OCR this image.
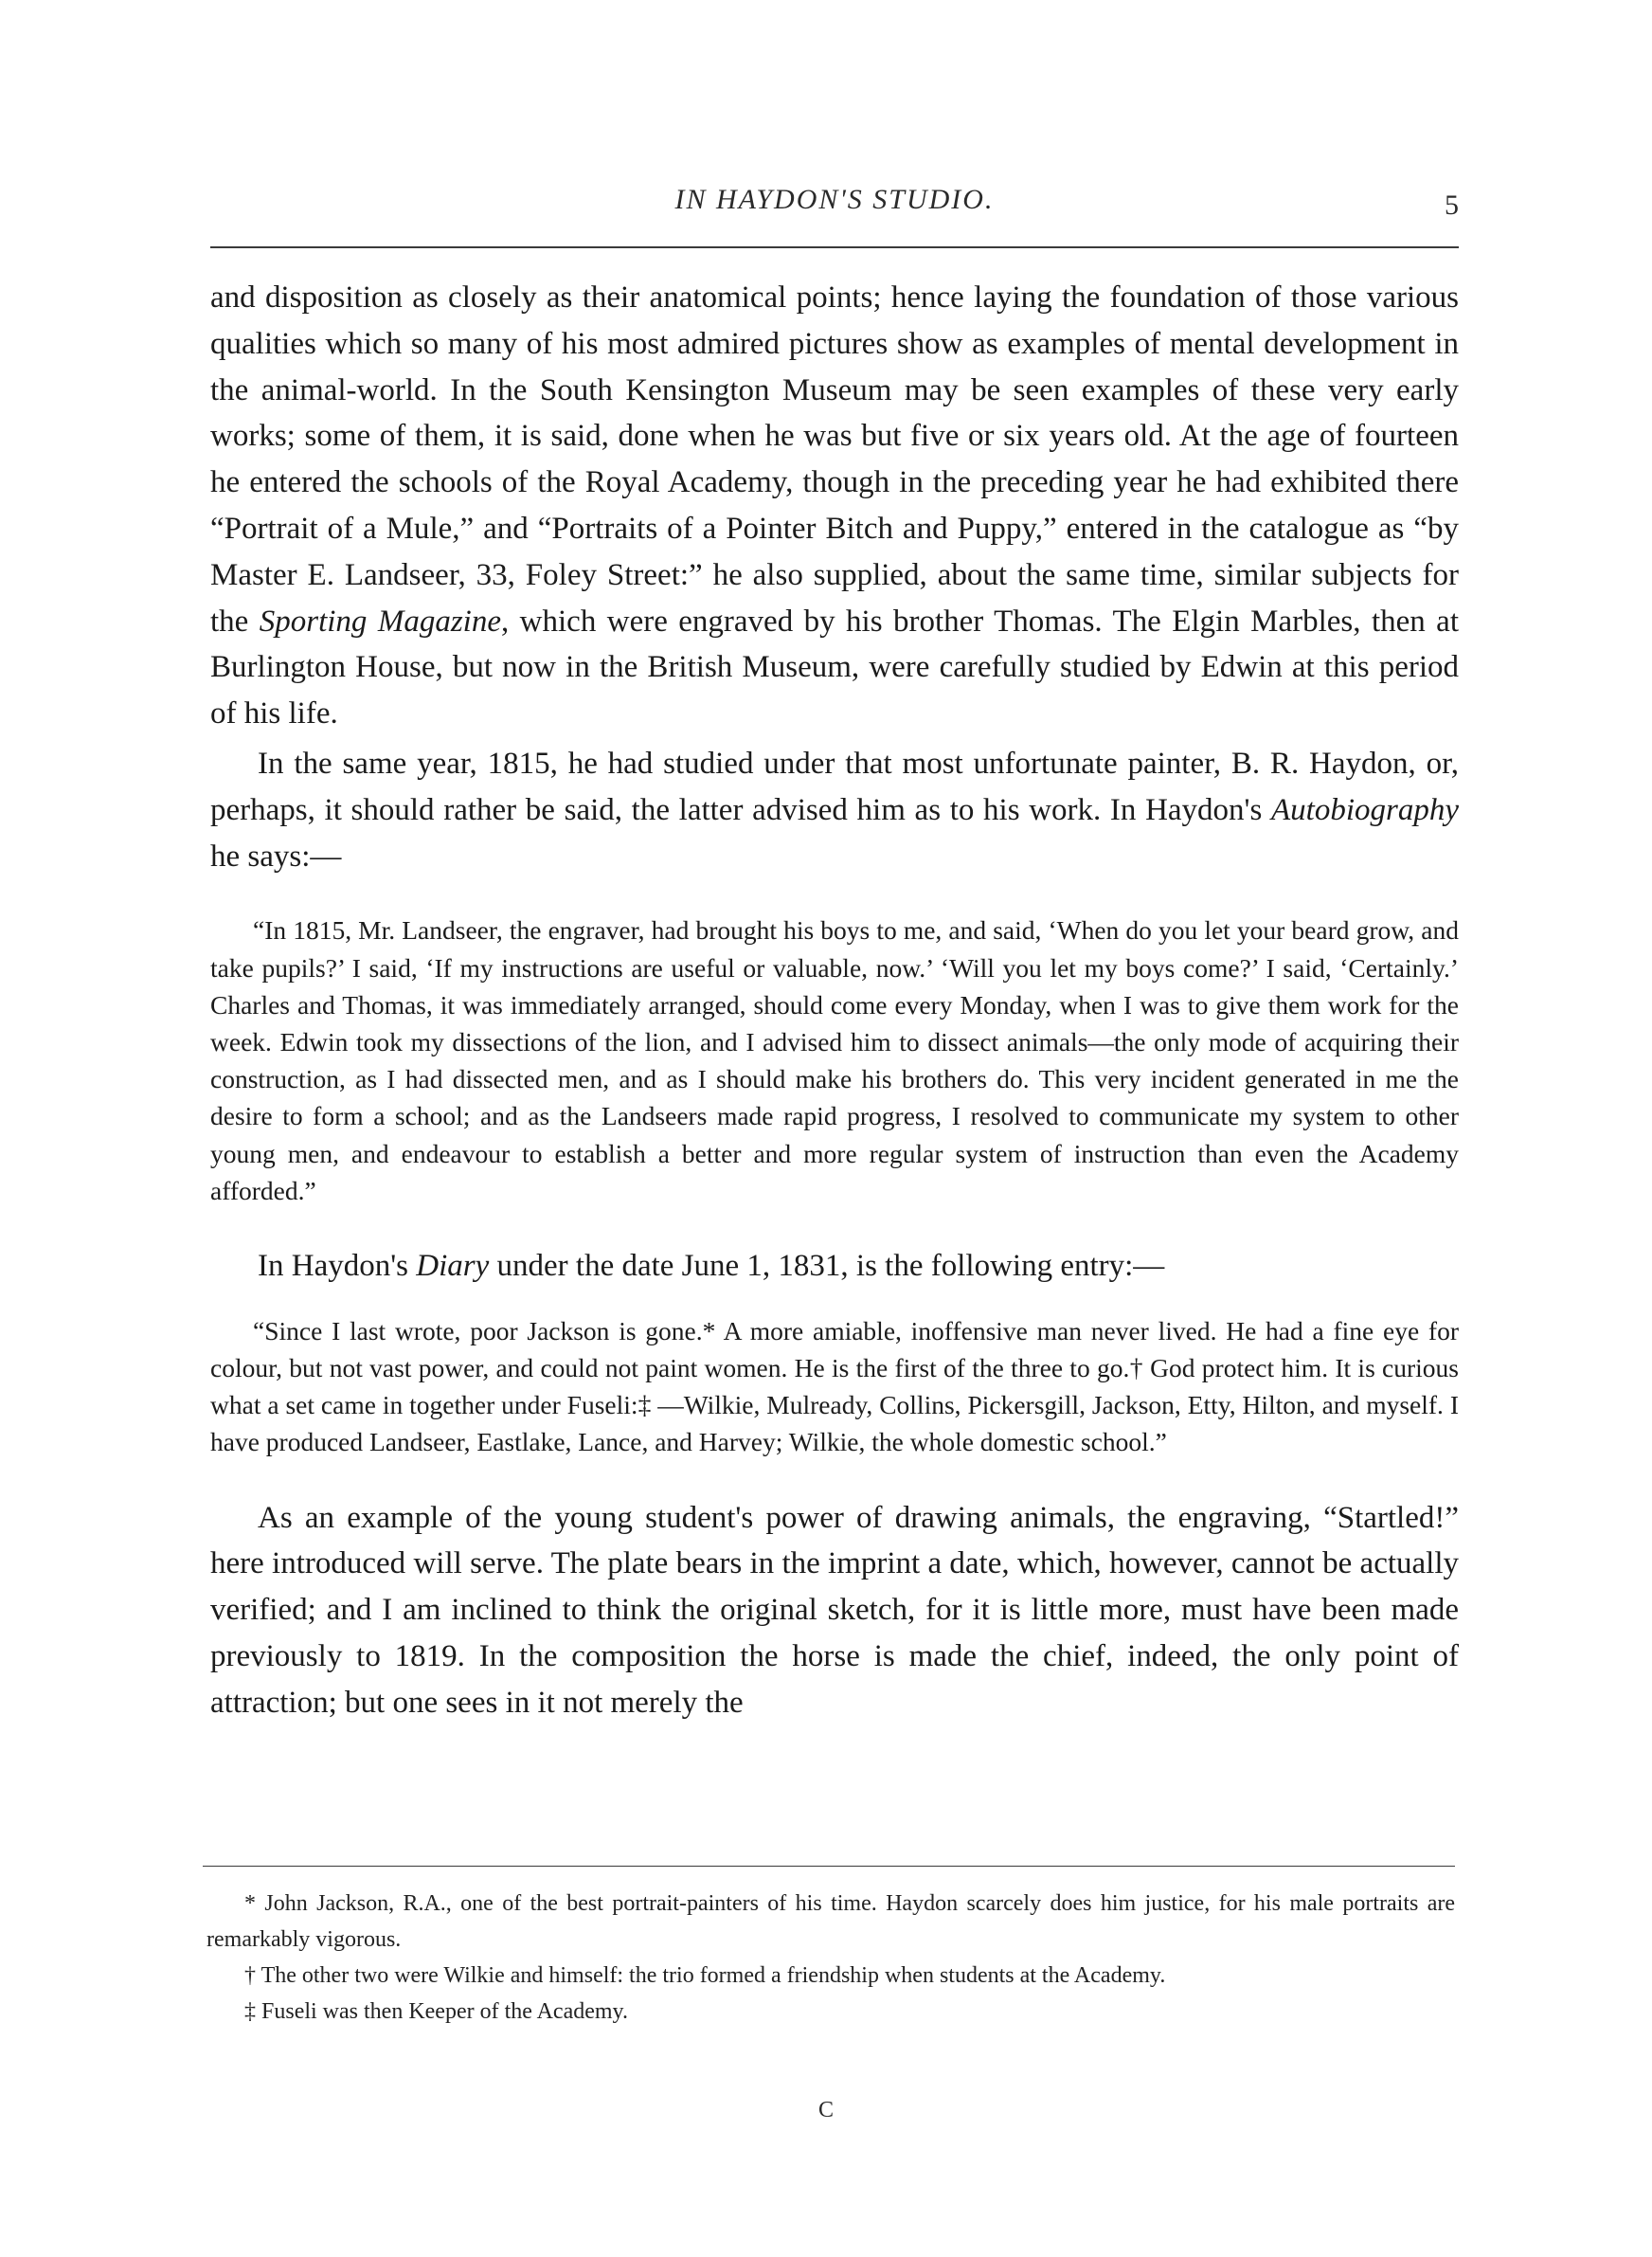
IN HAYDON'S STUDIO.	5

and disposition as closely as their anatomical points; hence laying the foundation of those various qualities which so many of his most admired pictures show as examples of mental development in the animal-world. In the South Kensington Museum may be seen examples of these very early works; some of them, it is said, done when he was but five or six years old. At the age of fourteen he entered the schools of the Royal Academy, though in the preceding year he had exhibited there “Portrait of a Mule,” and “Portraits of a Pointer Bitch and Puppy,” entered in the catalogue as “by Master E. Landseer, 33, Foley Street:” he also supplied, about the same time, similar subjects for the Sporting Magazine, which were engraved by his brother Thomas. The Elgin Marbles, then at Burlington House, but now in the British Museum, were carefully studied by Edwin at this period of his life.

In the same year, 1815, he had studied under that most unfortunate painter, B. R. Haydon, or, perhaps, it should rather be said, the latter advised him as to his work. In Haydon's Autobiography he says:—

“In 1815, Mr. Landseer, the engraver, had brought his boys to me, and said, ‘When do you let your beard grow, and take pupils?’ I said, ‘If my instructions are useful or valuable, now.’ ‘Will you let my boys come?’ I said, ‘Certainly.’ Charles and Thomas, it was immediately arranged, should come every Monday, when I was to give them work for the week. Edwin took my dissections of the lion, and I advised him to dissect animals—the only mode of acquiring their construction, as I had dissected men, and as I should make his brothers do. This very incident generated in me the desire to form a school; and as the Landseers made rapid progress, I resolved to communicate my system to other young men, and endeavour to establish a better and more regular system of instruction than even the Academy afforded.”

In Haydon's Diary under the date June 1, 1831, is the following entry:—

“Since I last wrote, poor Jackson is gone.* A more amiable, inoffensive man never lived. He had a fine eye for colour, but not vast power, and could not paint women. He is the first of the three to go.† God protect him. It is curious what a set came in together under Fuseli:‡ —Wilkie, Mulready, Collins, Pickersgill, Jackson, Etty, Hilton, and myself. I have produced Landseer, Eastlake, Lance, and Harvey; Wilkie, the whole domestic school.”

As an example of the young student's power of drawing animals, the engraving, “Startled!” here introduced will serve. The plate bears in the imprint a date, which, however, cannot be actually verified; and I am inclined to think the original sketch, for it is little more, must have been made previously to 1819. In the composition the horse is made the chief, indeed, the only point of attraction; but one sees in it not merely the

* John Jackson, R.A., one of the best portrait-painters of his time. Haydon scarcely does him justice, for his male portraits are remarkably vigorous.

† The other two were Wilkie and himself: the trio formed a friendship when students at the Academy.

‡ Fuseli was then Keeper of the Academy.

C
